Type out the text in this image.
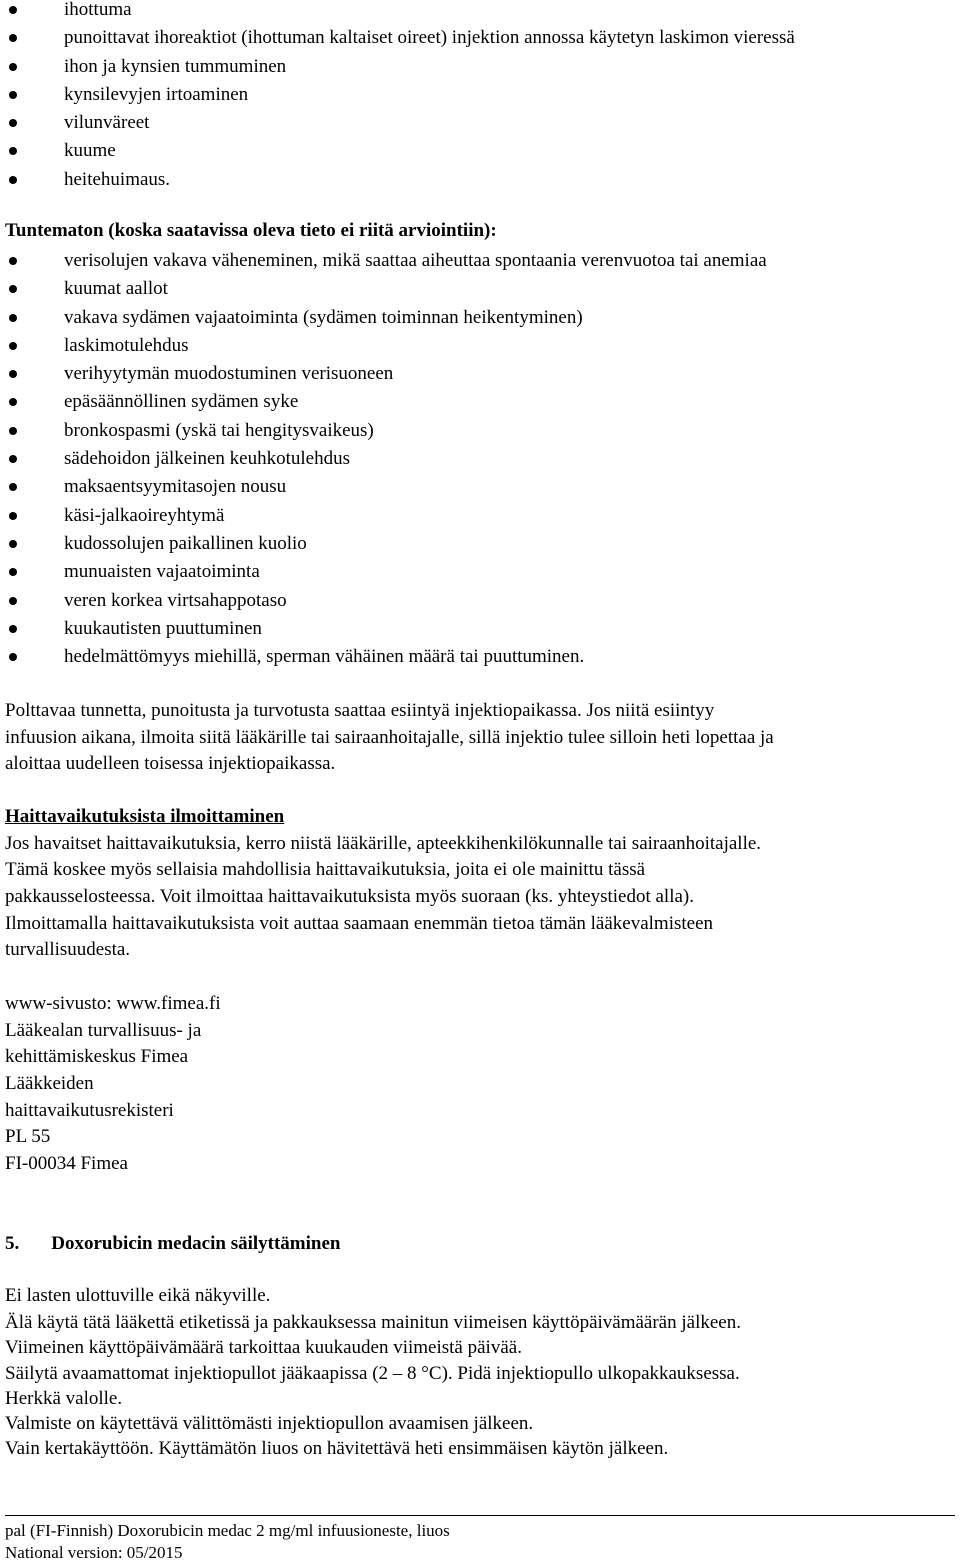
ihottuma
punoittavat ihoreaktiot (ihottuman kaltaiset oireet) injektion annossa käytetyn laskimon vieressä
ihon ja kynsien tummuminen
kynsilevyjen irtoaminen
vilunväreet
kuume
heitehuimaus.
Tuntematon (koska saatavissa oleva tieto ei riitä arviointiin):
verisolujen vakava väheneminen, mikä saattaa aiheuttaa spontaania verenvuotoa tai anemiaa
kuumat aallot
vakava sydämen vajaatoiminta (sydämen toiminnan heikentyminen)
laskimotulehdus
verihyytymän muodostuminen verisuoneen
epäsäännöllinen sydämen syke
bronkospasmi (yskä tai hengitysvaikeus)
sädehoidon jälkeinen keuhkotulehdus
maksaentsyymitasojen nousu
käsi-jalkaoireyhtymä
kudossolujen paikallinen kuolio
munuaisten vajaatoiminta
veren korkea virtsahappotaso
kuukautisten puuttuminen
hedelmättömyys miehillä, sperman vähäinen määrä tai puuttuminen.

Polttavaa tunnetta, punoitusta ja turvotusta saattaa esiintyä injektiopaikassa. Jos niitä esiintyy

infuusion aikana, ilmoita siitä lääkärille tai sairaanhoitajalle, sillä injektio tulee silloin heti lopettaa ja

aloittaa uudelleen toisessa injektiopaikassa.

Haittavaikutuksista ilmoittaminen

Jos havaitset haittavaikutuksia, kerro niistä lääkärille, apteekkihenkilökunnalle tai sairaanhoitajalle.

Tämä koskee myös sellaisia mahdollisia haittavaikutuksia, joita ei ole mainittu tässä

pakkausselosteessa. Voit ilmoittaa haittavaikutuksista myös suoraan (ks. yhteystiedot alla).

Ilmoittamalla haittavaikutuksista voit auttaa saamaan enemmän tietoa tämän lääkevalmisteen

turvallisuudesta.

www-sivusto: www.fimea.fi

Lääkealan turvallisuus- ja

kehittämiskeskus Fimea

Lääkkeiden

haittavaikutusrekisteri

PL 55

FI-00034 Fimea

5. Doxorubicin medacin säilyttäminen

Ei lasten ulottuville eikä näkyville.

Älä käytä tätä lääkettä etiketissä ja pakkauksessa mainitun viimeisen käyttöpäivämäärän jälkeen.

Viimeinen käyttöpäivämäärä tarkoittaa kuukauden viimeistä päivää.

Säilytä avaamattomat injektiopullot jääkaapissa (2 – 8 °C). Pidä injektiopullo ulkopakkauksessa.

Herkkä valolle.

Valmiste on käytettävä välittömästi injektiopullon avaamisen jälkeen.

Vain kertakäyttöön. Käyttämätön liuos on hävitettävä heti ensimmäisen käytön jälkeen.

pal (FI-Finnish) Doxorubicin medac 2 mg/ml infuusioneste, liuos

National version: 05/2015
